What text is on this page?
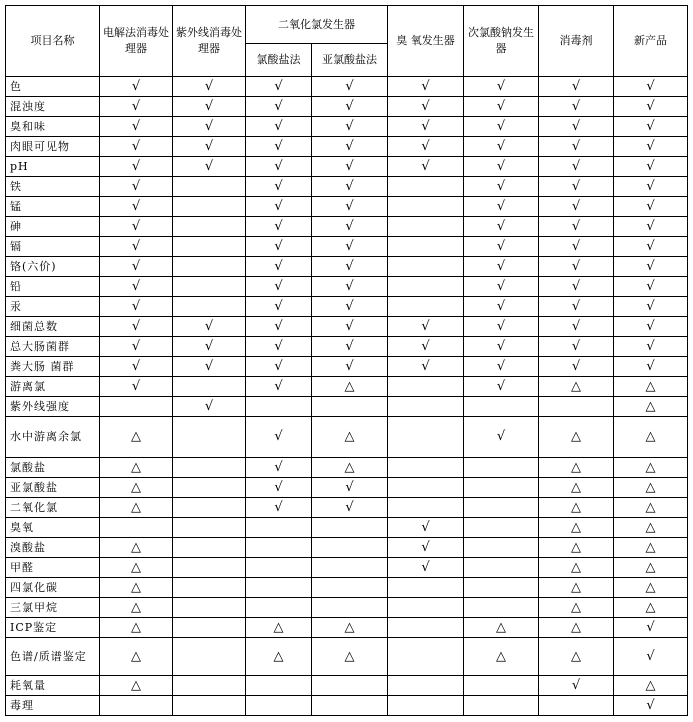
项目名称	电解法消毒处理器	紫外线消毒处理器	二氧化氯发生器		臭 氧发生器	次氯酸钠发生器	消毒剂	新产品
			氯酸盐法	亚氯酸盐法				
色	√	√	√	√	√	√	√	√
混浊度	√	√	√	√	√	√	√	√
臭和味	√	√	√	√	√	√	√	√
肉眼可见物	√	√	√	√	√	√	√	√
pH	√	√	√	√	√	√	√	√
铁	√		√	√		√	√	√
锰	√		√	√		√	√	√
砷	√		√	√		√	√	√
镉	√		√	√		√	√	√
铬(六价)	√		√	√		√	√	√
铅	√		√	√		√	√	√
汞	√		√	√		√	√	√
细菌总数	√	√	√	√	√	√	√	√
总大肠菌群	√	√	√	√	√	√	√	√
粪大肠 菌群	√	√	√	√	√	√	√	√
游离氯	√		√	△		√	△	△
紫外线强度		√						△
水中游离余氯	△		√	△		√	△	△
氯酸盐	△		√	△			△	△
亚氯酸盐	△		√	√			△	△
二氧化氯	△		√	√			△	△
臭氧					√		△	△
溴酸盐	△				√		△	△
甲醛	△				√		△	△
四氯化碳	△						△	△
三氯甲烷	△						△	△
ICP鉴定	△		△	△		△	△	√
色谱/质谱鉴定	△		△	△		△	△	√
耗氧量	△						√	△
毒理								√
